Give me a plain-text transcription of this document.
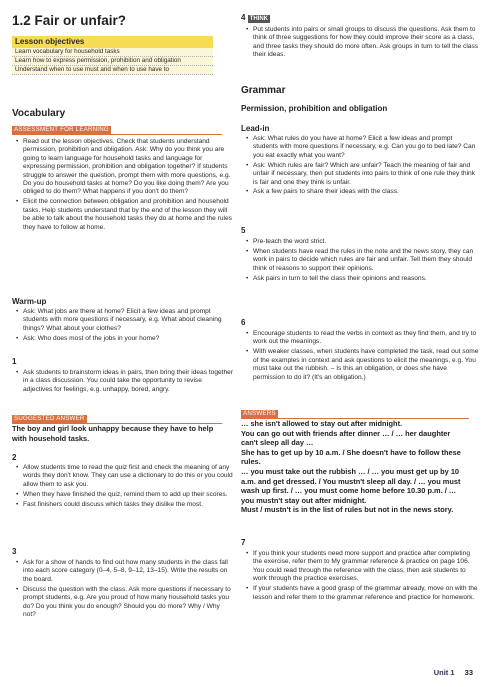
1.2 Fair or unfair?
Lesson objectives
Learn vocabulary for household tasks
Learn how to express permission, prohibition and obligation
Understand when to use must and when to use have to
Vocabulary
ASSESSMENT FOR LEARNING
• Read out the lesson objectives. Check that students understand permission, prohibition and obligation. Ask: Why do you think you are going to learn language for household tasks and language for expressing permission, prohibition and obligation together? If students struggle to answer the question, prompt them with more questions, e.g. Do you do household tasks at home? Do you like doing them? Are you obliged to do them? What happens if you don't do them?
• Elicit the connection between obligation and prohibition and household tasks. Help students understand that by the end of the lesson they will be able to talk about the household tasks they do at home and the rules they have to follow at home.
Warm-up
• Ask: What jobs are there at home? Elicit a few ideas and prompt students with more questions if necessary, e.g. What about cleaning things? What about your clothes?
• Ask: Who does most of the jobs in your home?
1
• Ask students to brainstorm ideas in pairs, then bring their ideas together in a class discussion. You could take the opportunity to revise adjectives for feelings, e.g. unhappy, bored, angry.
SUGGESTED ANSWER
The boy and girl look unhappy because they have to help with household tasks.
2
• Allow students time to read the quiz first and check the meaning of any words they don't know. They can use a dictionary to do this or you could allow them to ask you.
• When they have finished the quiz, remind them to add up their scores.
• Fast finishers could discuss which tasks they dislike the most.
3
• Ask for a show of hands to find out how many students in the class fall into each score category (0–4, 5–8, 9–12, 13–15). Write the results on the board.
• Discuss the question with the class. Ask more questions if necessary to prompt students, e.g. Are you proud of how many household tasks you do? Do you think you do enough? Should you do more? Why / Why not?
4 THINK
• Put students into pairs or small groups to discuss the questions. Ask them to think of three suggestions for how they could improve their score as a class, and three tasks they should do more often. Ask groups in turn to tell the class their ideas.
Grammar
Permission, prohibition and obligation
Lead-in
• Ask: What rules do you have at home? Elicit a few ideas and prompt students with more questions if necessary, e.g. Can you go to bed late? Can you eat exactly what you want?
• Ask: Which rules are fair? Which are unfair? Teach the meaning of fair and unfair if necessary, then put students into pairs to think of one rule they think is fair and one they think is unfair.
• Ask a few pairs to share their ideas with the class.
5
• Pre-teach the word strict.
• When students have read the rules in the note and the news story, they can work in pairs to decide which rules are fair and unfair. Tell them they should think of reasons to support their opinions.
• Ask pairs in turn to tell the class their opinions and reasons.
6
• Encourage students to read the verbs in context as they find them, and try to work out the meanings.
• With weaker classes, when students have completed the task, read out some of the examples in context and ask questions to elicit the meanings, e.g. You must take out the rubbish. – Is this an obligation, or does she have permission to do it? (It's an obligation.)
ANSWERS
… she isn't allowed to stay out after midnight.
You can go out with friends after dinner … / … her daughter can't sleep all day …
She has to get up by 10 a.m. / She doesn't have to follow these rules.
… you must take out the rubbish … / … you must get up by 10 a.m. and get dressed. / You mustn't sleep all day. / … you must wash up first. / … you must come home before 10.30 p.m. / … you mustn't stay out after midnight.
Must / mustn't is in the list of rules but not in the news story.
7
• If you think your students need more support and practice after completing the exercise, refer them to My grammar reference & practice on page 106. You could read through the reference with the class, then ask students to work through the practice exercises.
• If your students have a good grasp of the grammar already, move on with the lesson and refer them to the grammar reference and practice for homework.
Unit 1 33
